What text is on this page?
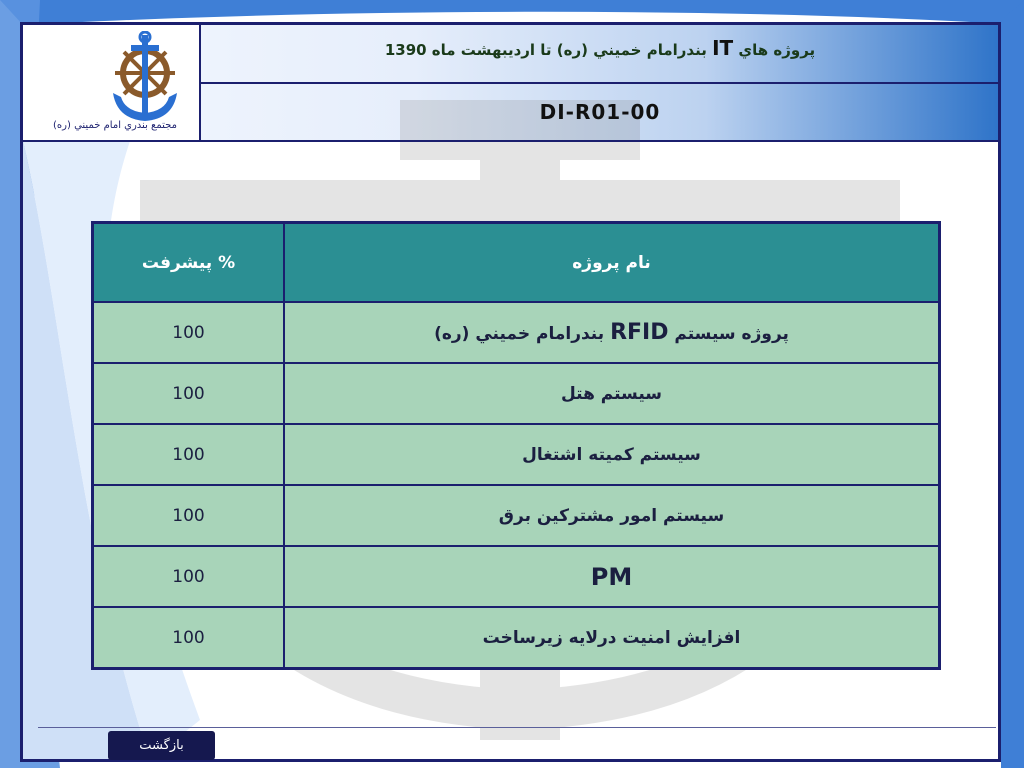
مجتمع بندري امام خميني (ره)
پروژه هاي IT بندرامام خميني (ره) تا ارديبهشت ماه 1390
DI-R01-00
نام پروژه	% پيشرفت
پروژه سيستم RFID بندرامام خميني (ره)	100
سيستم هتل	100
سيستم كميته اشتغال	100
سيستم امور مشتركين برق	100
PM	100
افزايش امنيت درلايه زيرساخت	100
بازگشت
